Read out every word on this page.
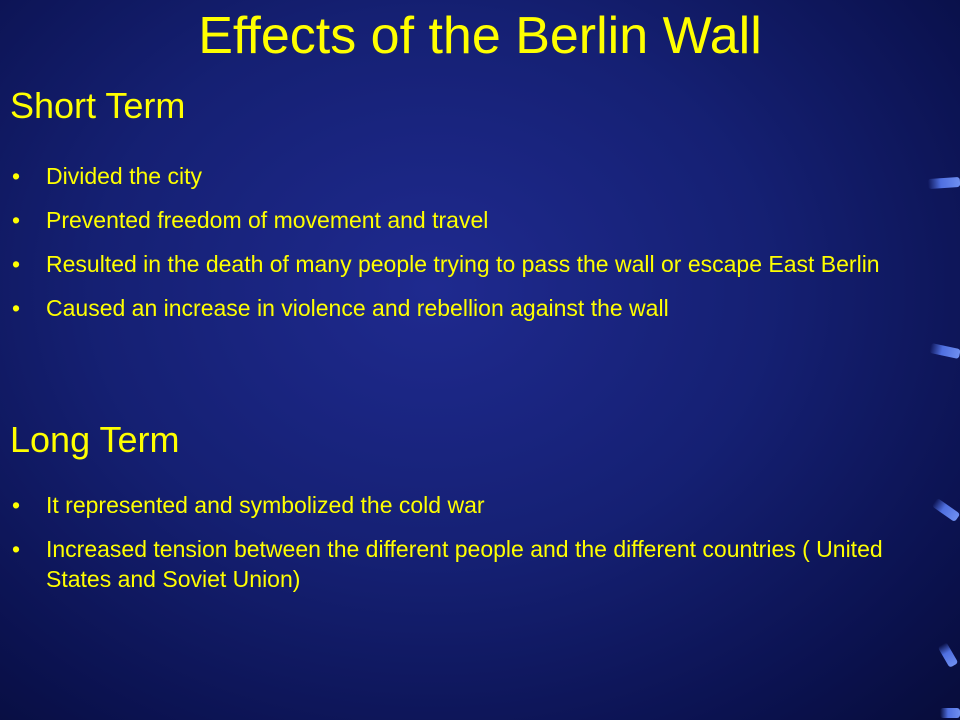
Effects of the Berlin Wall
Short Term
•	Divided the city
•	Prevented freedom of movement and travel
•	Resulted in the death of many people trying to pass the wall or escape East Berlin
•	Caused an increase in violence and rebellion against the wall
Long Term
•	It represented and symbolized the cold war
•	Increased tension between the different people and the different countries ( United States and Soviet Union)
